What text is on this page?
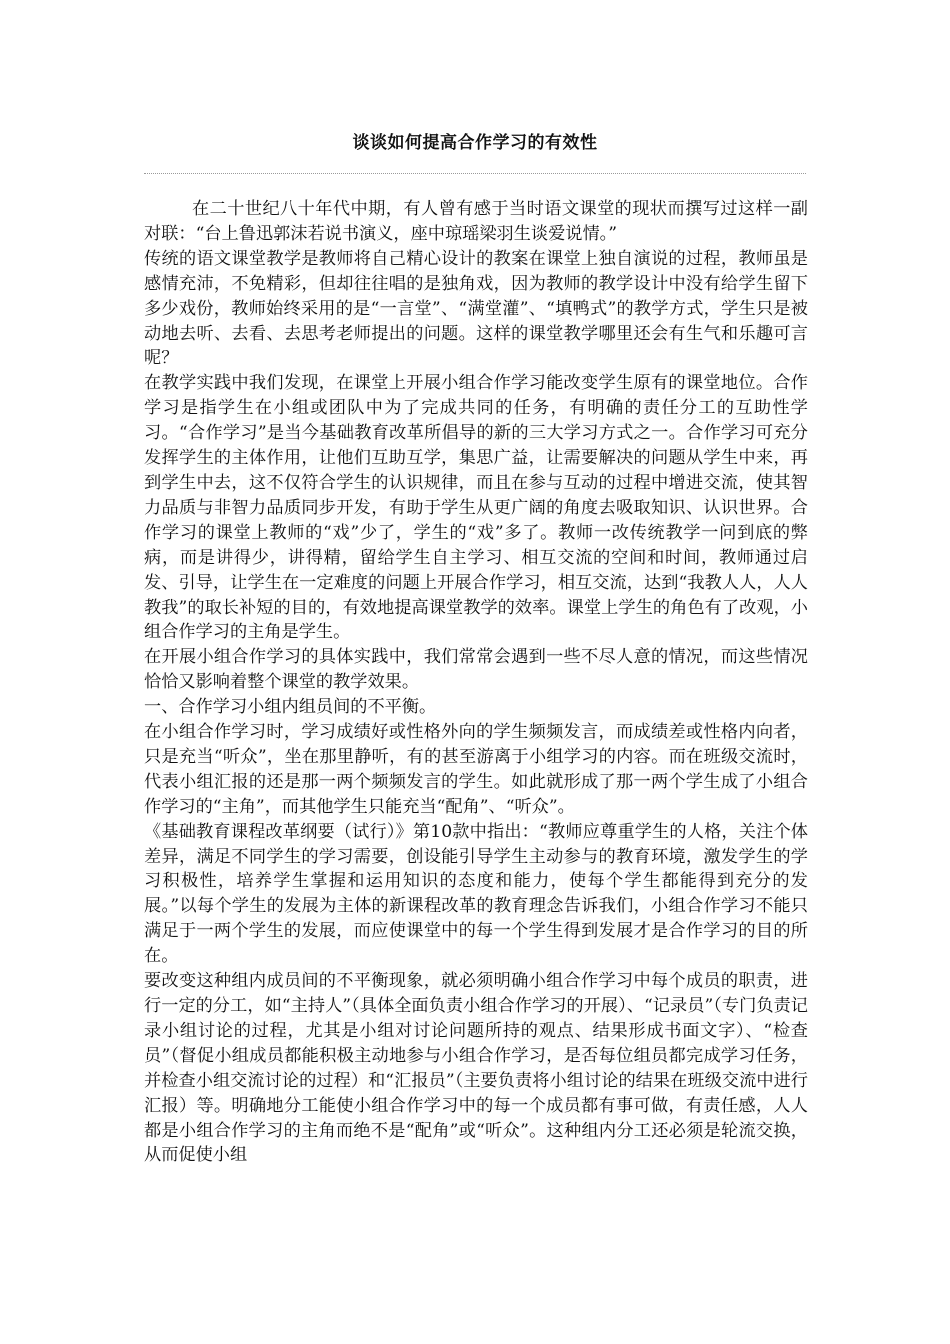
谈谈如何提高合作学习的有效性

在二十世纪八十年代中期，有人曾有感于当时语文课堂的现状而撰写过这样一副对联：“台上鲁迅郭沫若说书演义，座中琼瑶梁羽生谈爱说情。”

传统的语文课堂教学是教师将自己精心设计的教案在课堂上独自演说的过程，教师虽是感情充沛，不免精彩，但却往往唱的是独角戏，因为教师的教学设计中没有给学生留下多少戏份，教师始终采用的是“一言堂”、“满堂灌”、“填鸭式”的教学方式，学生只是被动地去听、去看、去思考老师提出的问题。这样的课堂教学哪里还会有生气和乐趣可言呢？

在教学实践中我们发现，在课堂上开展小组合作学习能改变学生原有的课堂地位。合作学习是指学生在小组或团队中为了完成共同的任务，有明确的责任分工的互助性学习。“合作学习”是当今基础教育改革所倡导的新的三大学习方式之一。合作学习可充分发挥学生的主体作用，让他们互助互学，集思广益，让需要解决的问题从学生中来，再到学生中去，这不仅符合学生的认识规律，而且在参与互动的过程中增进交流，使其智力品质与非智力品质同步开发，有助于学生从更广阔的角度去吸取知识、认识世界。合作学习的课堂上教师的“戏”少了，学生的“戏”多了。教师一改传统教学一问到底的弊病，而是讲得少，讲得精，留给学生自主学习、相互交流的空间和时间，教师通过启发、引导，让学生在一定难度的问题上开展合作学习，相互交流，达到“我教人人，人人教我”的取长补短的目的，有效地提高课堂教学的效率。课堂上学生的角色有了改观，小组合作学习的主角是学生。

在开展小组合作学习的具体实践中，我们常常会遇到一些不尽人意的情况，而这些情况恰恰又影响着整个课堂的教学效果。

一、合作学习小组内组员间的不平衡。

在小组合作学习时，学习成绩好或性格外向的学生频频发言，而成绩差或性格内向者，只是充当“听众”，坐在那里静听，有的甚至游离于小组学习的内容。而在班级交流时，代表小组汇报的还是那一两个频频发言的学生。如此就形成了那一两个学生成了小组合作学习的“主角”，而其他学生只能充当“配角”、“听众”。

《基础教育课程改革纲要（试行）》第10款中指出：“教师应尊重学生的人格，关注个体差异，满足不同学生的学习需要，创设能引导学生主动参与的教育环境，激发学生的学习积极性，培养学生掌握和运用知识的态度和能力，使每个学生都能得到充分的发展。”以每个学生的发展为主体的新课程改革的教育理念告诉我们，小组合作学习不能只满足于一两个学生的发展，而应使课堂中的每一个学生得到发展才是合作学习的目的所在。

要改变这种组内成员间的不平衡现象，就必须明确小组合作学习中每个成员的职责，进行一定的分工，如“主持人”（具体全面负责小组合作学习的开展）、“记录员”（专门负责记录小组讨论的过程，尤其是小组对讨论问题所持的观点、结果形成书面文字）、“检查员”（督促小组成员都能积极主动地参与小组合作学习，是否每位组员都完成学习任务，并检查小组交流讨论的过程）和“汇报员”（主要负责将小组讨论的结果在班级交流中进行汇报）等。明确地分工能使小组合作学习中的每一个成员都有事可做，有责任感，人人都是小组合作学习的主角而绝不是“配角”或“听众”。这种组内分工还必须是轮流交换，从而促使小组
